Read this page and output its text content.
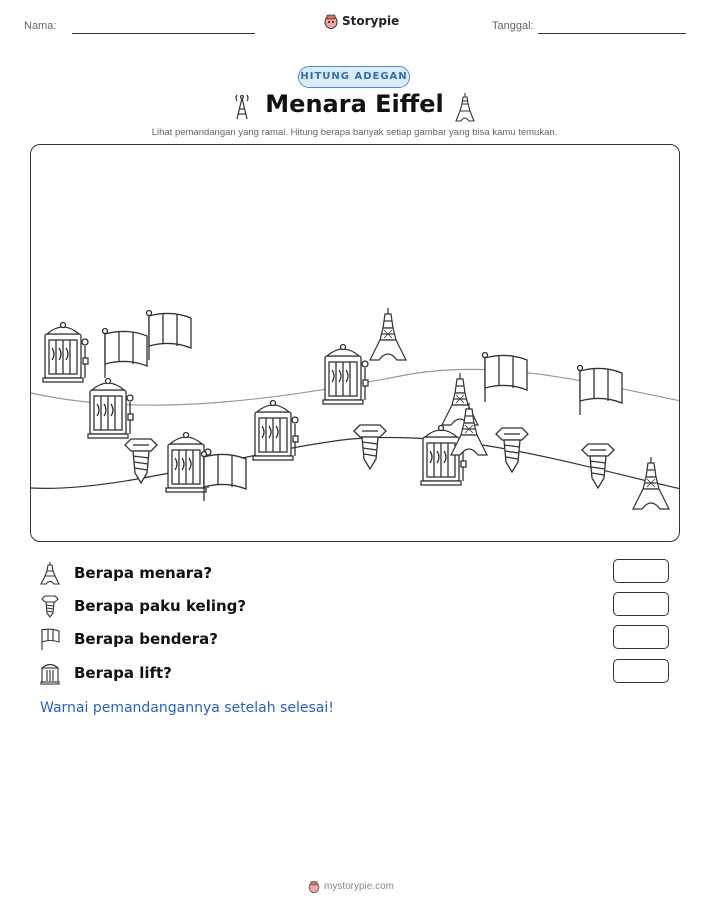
Nama:	Storypie	Tanggal:
HITUNG ADEGAN
Menara Eiffel
Lihat pemandangan yang ramai. Hitung berapa banyak setiap gambar yang bisa kamu temukan.
Berapa menara?
Berapa paku keling?
Berapa bendera?
Berapa lift?
Warnai pemandangannya setelah selesai!
mystorypie.com
